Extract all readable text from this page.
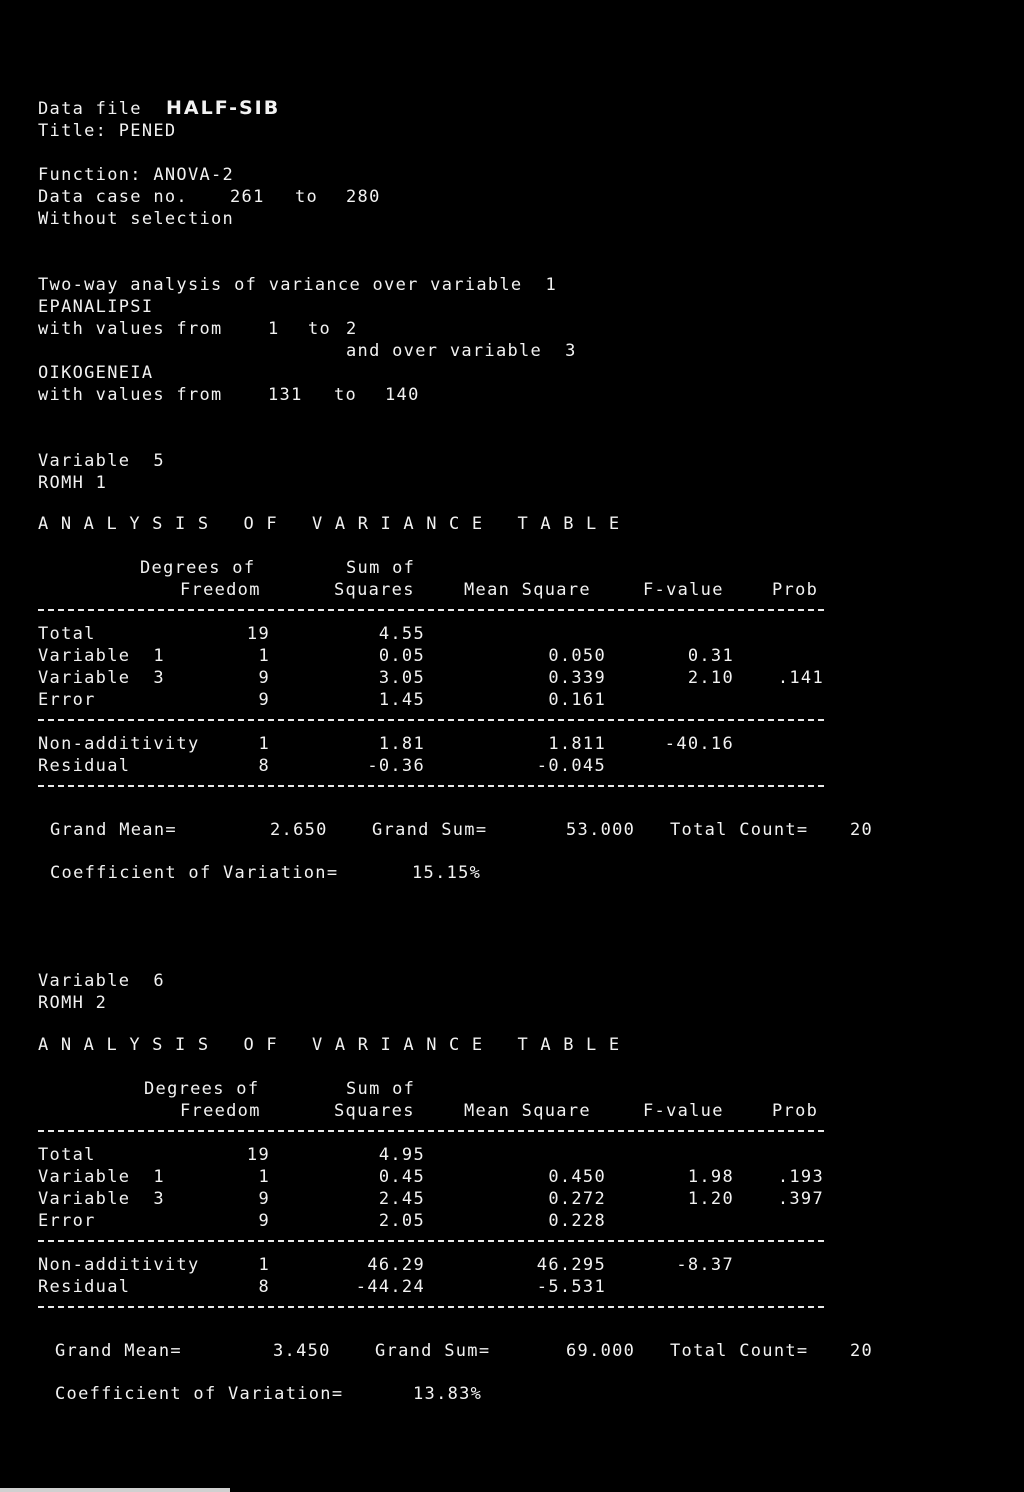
Data file HALF-SIB
Title: PENED
Function: ANOVA-2
Data case no. 261 to 280
Without selection
Two-way analysis of variance over variable  1
EPANALIPSI
with values from	1 to 2
and over variable  3
OIKOGENEIA
with values from	131 to 140
Variable  5
ROMH 1
ANALYSIS OF VARIANCE TABLE
Degrees of
Freedom
Sum of
Squares	Mean Square	F-value	Prob
Total	19	4.55
Variable  1	1	0.05	0.050	0.31
Variable  3	9	3.05	0.339	2.10	.141
Error	9	1.45	0.161
Non-additivity	1	1.81	1.811	-40.16
Residual	8	-0.36	-0.045
Grand Mean=	2.650	Grand Sum=	53.000 Total Count= 20
Coefficient of Variation=	15.15%
Variable  6
ROMH 2
ANALYSIS OF VARIANCE TABLE
Degrees of
Freedom
Sum of
Squares	Mean Square	F-value	Prob
Total	19	4.95
Variable  1	1	0.45	0.450	1.98	.193
Variable  3	9	2.45	0.272	1.20	.397
Error	9	2.05	0.228
Non-additivity	1	46.29	46.295	-8.37
Residual	8	-44.24	-5.531
Grand Mean=	3.450	Grand Sum=	69.000 Total Count= 20
Coefficient of Variation=	13.83%
